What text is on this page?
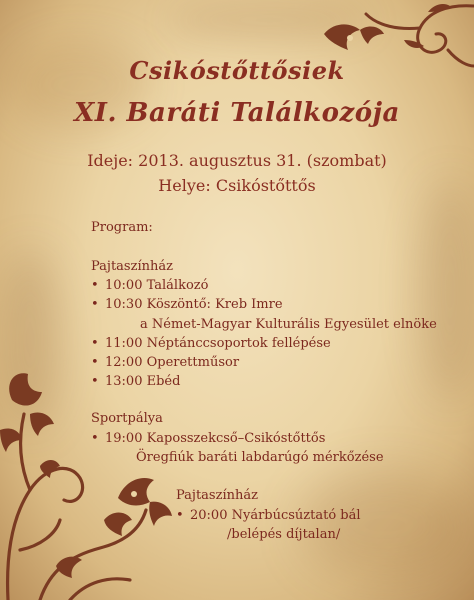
Csikóstőttősiek
XI. Baráti Találkozója
Ideje: 2013. augusztus 31. (szombat)
Helye: Csikóstőttős
Program:
Pajtaszínház
• 10:00 Találkozó
• 10:30 Köszöntő: Kreb Imre
a Német-Magyar Kulturális Egyesület elnöke
• 11:00 Néptánccsoportok fellépése
• 12:00 Operettműsor
• 13:00 Ebéd
Sportpálya
• 19:00 Kaposszekcső–Csikóstőttős
Öregfiúk baráti labdarúgó mérkőzése
Pajtaszínház
• 20:00 Nyárbúcsúztató bál
/belépés díjtalan/
